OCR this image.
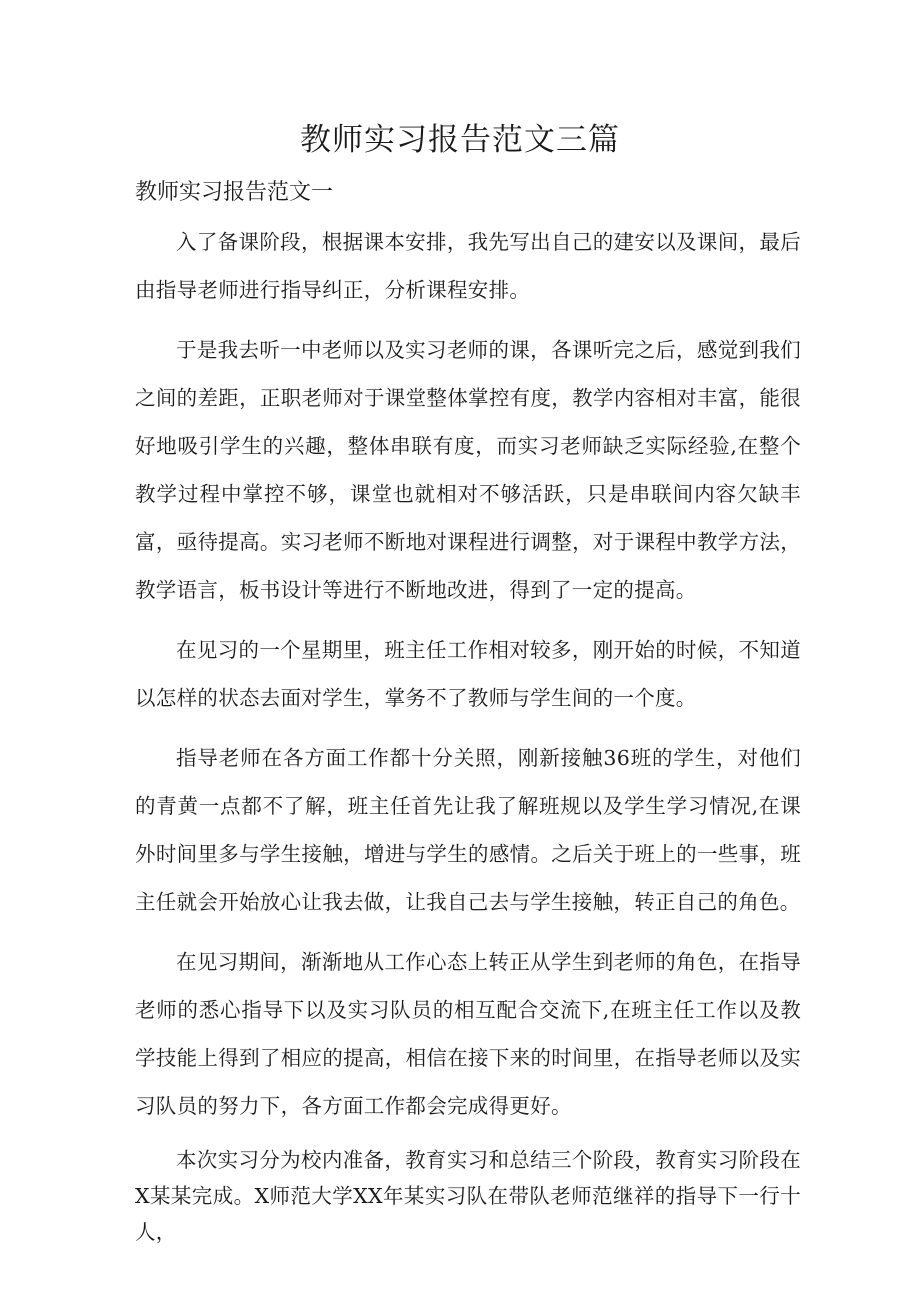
教师实习报告范文三篇
教师实习报告范文一

入了备课阶段，根据课本安排，我先写出自己的建安以及课间，最后由指导老师进行指导纠正，分析课程安排。

于是我去听一中老师以及实习老师的课，各课听完之后，感觉到我们之间的差距，正职老师对于课堂整体掌控有度，教学内容相对丰富，能很好地吸引学生的兴趣，整体串联有度，而实习老师缺乏实际经验,在整个教学过程中掌控不够，课堂也就相对不够活跃，只是串联间内容欠缺丰富，亟待提高。实习老师不断地对课程进行调整，对于课程中教学方法，教学语言，板书设计等进行不断地改进，得到了一定的提高。

在见习的一个星期里，班主任工作相对较多，刚开始的时候，不知道以怎样的状态去面对学生，掌务不了教师与学生间的一个度。

指导老师在各方面工作都十分关照，刚新接触36班的学生，对他们的青黄一点都不了解，班主任首先让我了解班规以及学生学习情况,在课外时间里多与学生接触，增进与学生的感情。之后关于班上的一些事，班主任就会开始放心让我去做，让我自己去与学生接触，转正自己的角色。

在见习期间，渐渐地从工作心态上转正从学生到老师的角色，在指导老师的悉心指导下以及实习队员的相互配合交流下,在班主任工作以及教学技能上得到了相应的提高，相信在接下来的时间里，在指导老师以及实习队员的努力下，各方面工作都会完成得更好。

本次实习分为校内准备，教育实习和总结三个阶段，教育实习阶段在X某某完成。X师范大学XX年某实习队在带队老师范继祥的指导下一行十人，
